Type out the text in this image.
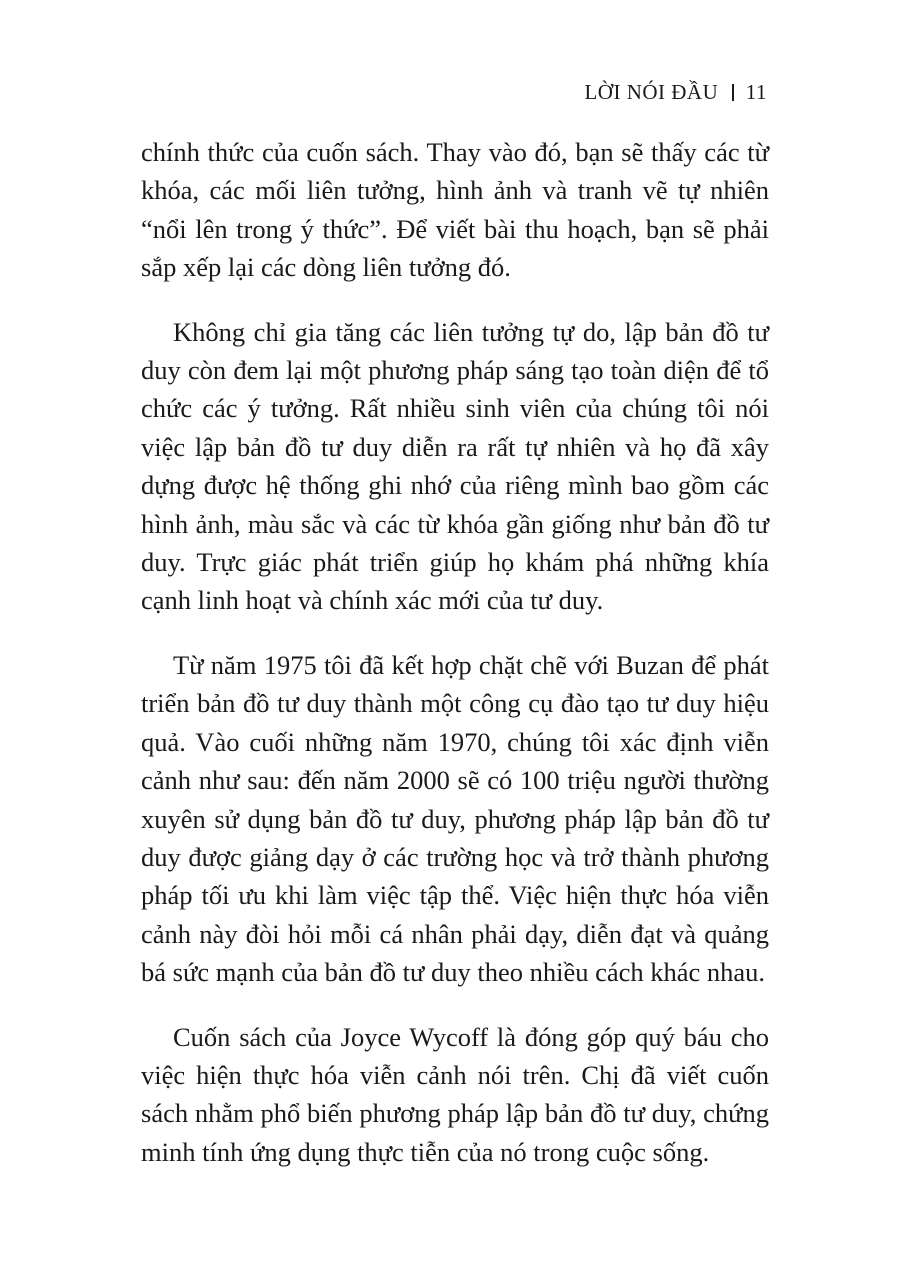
LỜI NÓI ĐẦU 11

chính thức của cuốn sách. Thay vào đó, bạn sẽ thấy các từ khóa, các mối liên tưởng, hình ảnh và tranh vẽ tự nhiên “nổi lên trong ý thức”. Để viết bài thu hoạch, bạn sẽ phải sắp xếp lại các dòng liên tưởng đó.

Không chỉ gia tăng các liên tưởng tự do, lập bản đồ tư duy còn đem lại một phương pháp sáng tạo toàn diện để tổ chức các ý tưởng. Rất nhiều sinh viên của chúng tôi nói việc lập bản đồ tư duy diễn ra rất tự nhiên và họ đã xây dựng được hệ thống ghi nhớ của riêng mình bao gồm các hình ảnh, màu sắc và các từ khóa gần giống như bản đồ tư duy. Trực giác phát triển giúp họ khám phá những khía cạnh linh hoạt và chính xác mới của tư duy.

Từ năm 1975 tôi đã kết hợp chặt chẽ với Buzan để phát triển bản đồ tư duy thành một công cụ đào tạo tư duy hiệu quả. Vào cuối những năm 1970, chúng tôi xác định viễn cảnh như sau: đến năm 2000 sẽ có 100 triệu người thường xuyên sử dụng bản đồ tư duy, phương pháp lập bản đồ tư duy được giảng dạy ở các trường học và trở thành phương pháp tối ưu khi làm việc tập thể. Việc hiện thực hóa viễn cảnh này đòi hỏi mỗi cá nhân phải dạy, diễn đạt và quảng bá sức mạnh của bản đồ tư duy theo nhiều cách khác nhau.

Cuốn sách của Joyce Wycoff là đóng góp quý báu cho việc hiện thực hóa viễn cảnh nói trên. Chị đã viết cuốn sách nhằm phổ biến phương pháp lập bản đồ tư duy, chứng minh tính ứng dụng thực tiễn của nó trong cuộc sống.
